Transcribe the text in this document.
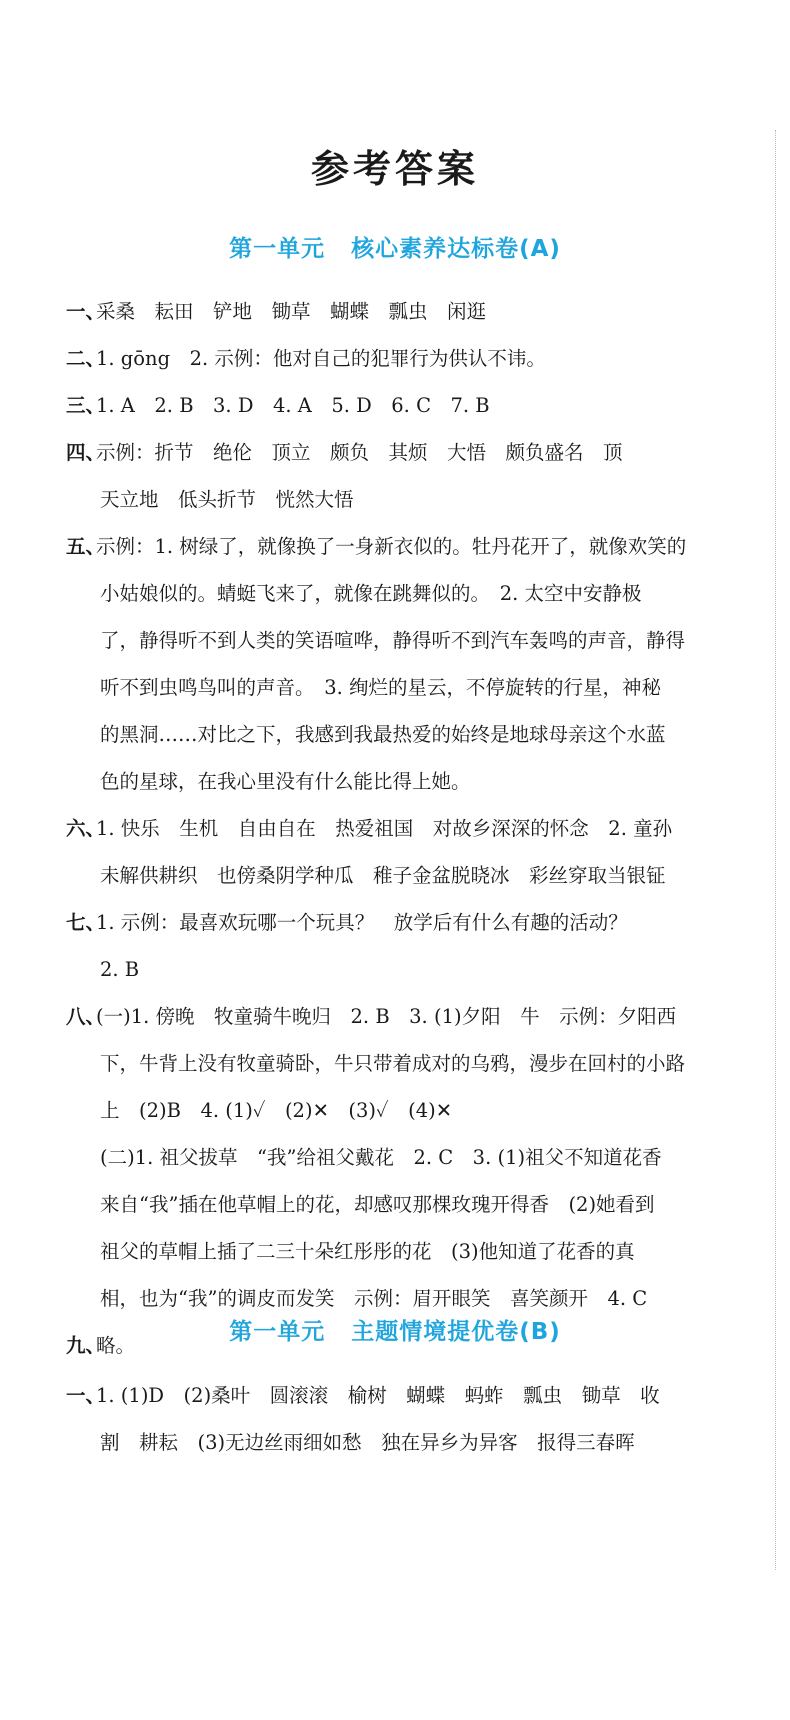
参考答案
第一单元 核心素养达标卷(A)
一、采桑　耘田　铲地　锄草　蝴蝶　瓢虫　闲逛
二、1. gōng　2. 示例：他对自己的犯罪行为供认不讳。
三、1. A　2. B　3. D　4. A　5. D　6. C　7. B
四、示例：折节　绝伦　顶立　颇负　其烦　大悟　颇负盛名　顶
天立地　低头折节　恍然大悟
五、示例：1. 树绿了，就像换了一身新衣似的。牡丹花开了，就像欢笑的
小姑娘似的。蜻蜓飞来了，就像在跳舞似的。　2. 太空中安静极
了，静得听不到人类的笑语喧哗，静得听不到汽车轰鸣的声音，静得
听不到虫鸣鸟叫的声音。　3. 绚烂的星云，不停旋转的行星，神秘
的黑洞……对比之下，我感到我最热爱的始终是地球母亲这个水蓝
色的星球，在我心里没有什么能比得上她。
六、1. 快乐　生机　自由自在　热爱祖国　对故乡深深的怀念　2. 童孙
未解供耕织　也傍桑阴学种瓜　稚子金盆脱晓冰　彩丝穿取当银钲
七、1. 示例：最喜欢玩哪一个玩具？　放学后有什么有趣的活动？
2. B
八、(一)1. 傍晚　牧童骑牛晚归　2. B　3. (1)夕阳　牛　示例：夕阳西
下，牛背上没有牧童骑卧，牛只带着成对的乌鸦，漫步在回村的小路
上　(2)B　4. (1)✓　(2)✕　(3)✓　(4)✕
(二)1. 祖父拔草　“我”给祖父戴花　2. C　3. (1)祖父不知道花香
来自“我”插在他草帽上的花，却感叹那棵玫瑰开得香　(2)她看到
祖父的草帽上插了二三十朵红彤彤的花　(3)他知道了花香的真
相，也为“我”的调皮而发笑　示例：眉开眼笑　喜笑颜开　4. C
九、略。
第一单元 主题情境提优卷(B)
一、1. (1)D　(2)桑叶　圆滚滚　榆树　蝴蝶　蚂蚱　瓢虫　锄草　收
割　耕耘　(3)无边丝雨细如愁　独在异乡为异客　报得三春晖
